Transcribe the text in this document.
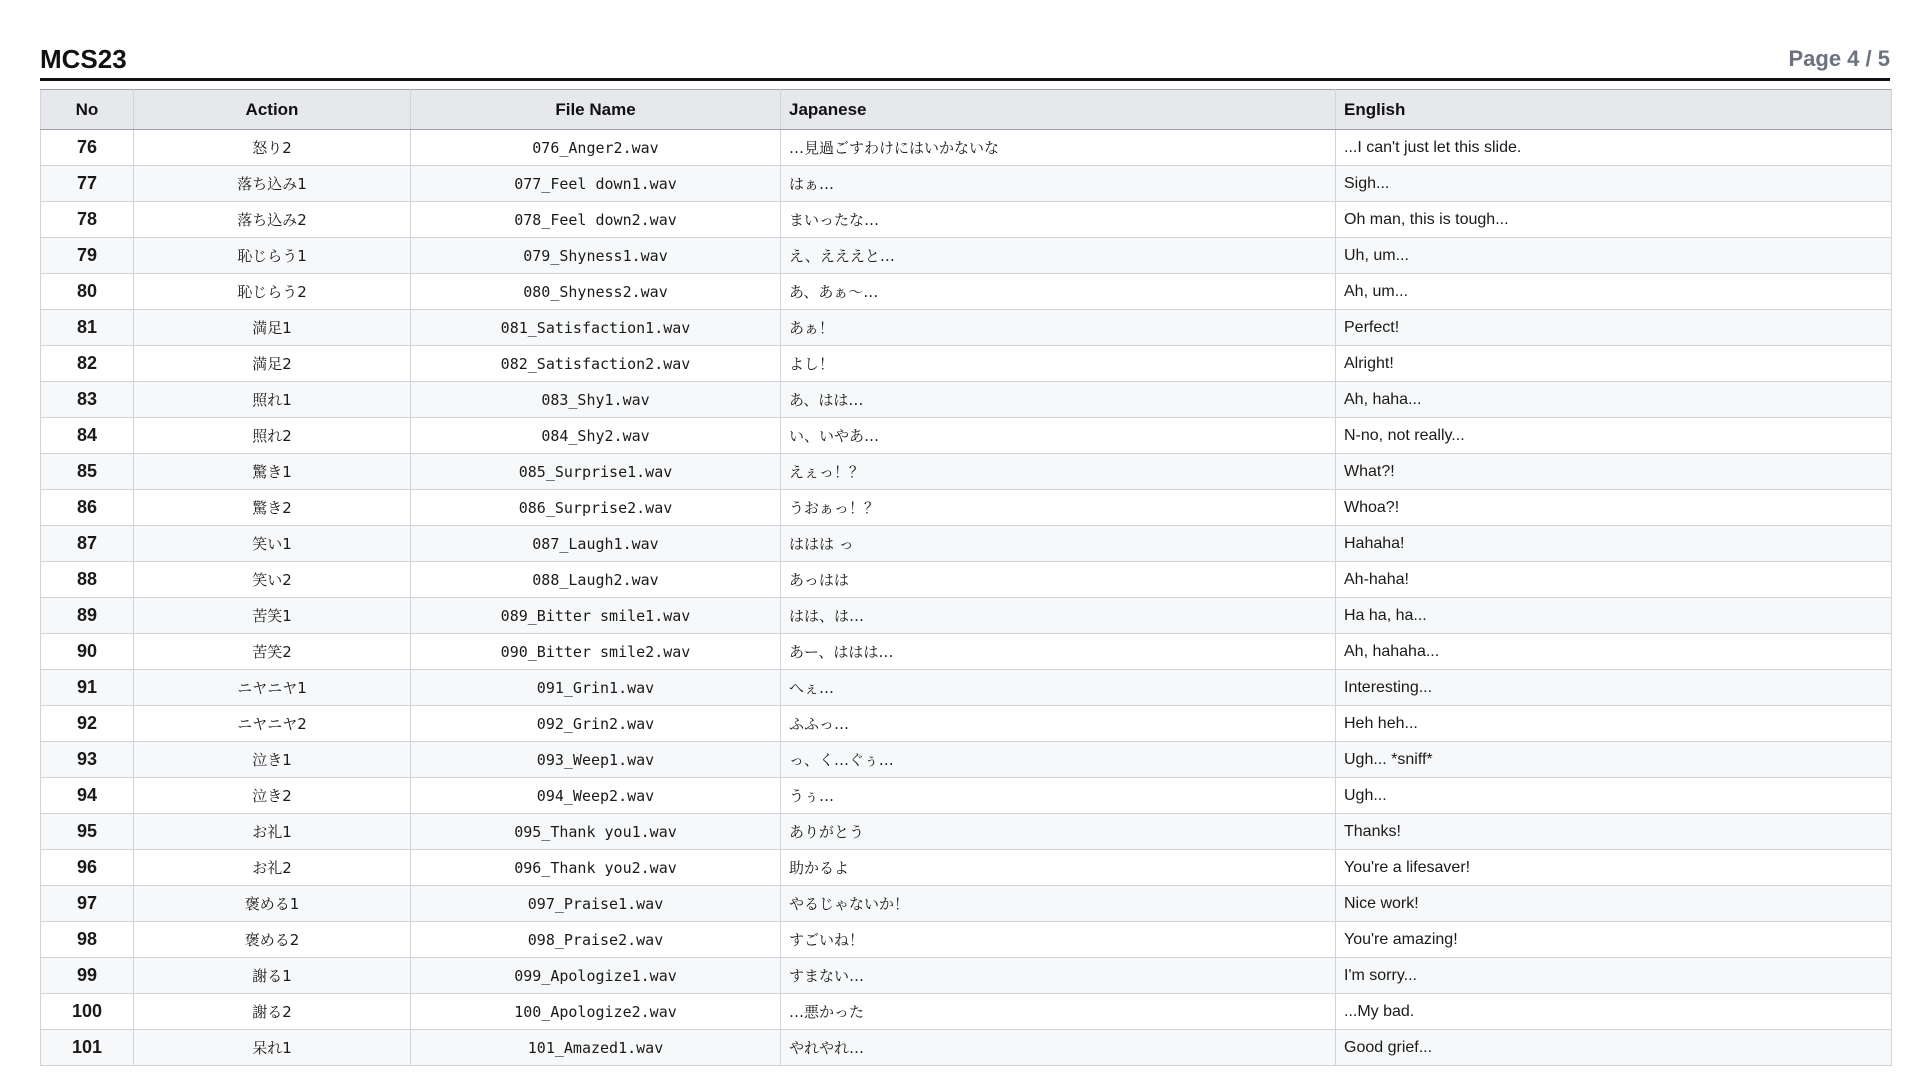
MCS23	Page 4 / 5
No	Action	File Name	Japanese	English
76	怒り2	076_Anger2.wav	…見過ごすわけにはいかないな	...I can't just let this slide.
77	落ち込み1	077_Feel down1.wav	はぁ…	Sigh...
78	落ち込み2	078_Feel down2.wav	まいったな…	Oh man, this is tough...
79	恥じらう1	079_Shyness1.wav	え、えええと…	Uh, um...
80	恥じらう2	080_Shyness2.wav	あ、あぁ～…	Ah, um...
81	満足1	081_Satisfaction1.wav	あぁ！	Perfect!
82	満足2	082_Satisfaction2.wav	よし！	Alright!
83	照れ1	083_Shy1.wav	あ、はは…	Ah, haha...
84	照れ2	084_Shy2.wav	い、いやあ…	N-no, not really...
85	驚き1	085_Surprise1.wav	えぇっ！？	What?!
86	驚き2	086_Surprise2.wav	うおぁっ！？	Whoa?!
87	笑い1	087_Laugh1.wav	ははは っ	Hahaha!
88	笑い2	088_Laugh2.wav	あっはは	Ah-haha!
89	苦笑1	089_Bitter smile1.wav	はは、は…	Ha ha, ha...
90	苦笑2	090_Bitter smile2.wav	あー、ははは…	Ah, hahaha...
91	ニヤニヤ1	091_Grin1.wav	へぇ…	Interesting...
92	ニヤニヤ2	092_Grin2.wav	ふふっ…	Heh heh...
93	泣き1	093_Weep1.wav	っ、く…ぐぅ…	Ugh... *sniff*
94	泣き2	094_Weep2.wav	うぅ…	Ugh...
95	お礼1	095_Thank you1.wav	ありがとう	Thanks!
96	お礼2	096_Thank you2.wav	助かるよ	You're a lifesaver!
97	褒める1	097_Praise1.wav	やるじゃないか！	Nice work!
98	褒める2	098_Praise2.wav	すごいね！	You're amazing!
99	謝る1	099_Apologize1.wav	すまない…	I'm sorry...
100	謝る2	100_Apologize2.wav	…悪かった	...My bad.
101	呆れ1	101_Amazed1.wav	やれやれ…	Good grief...
